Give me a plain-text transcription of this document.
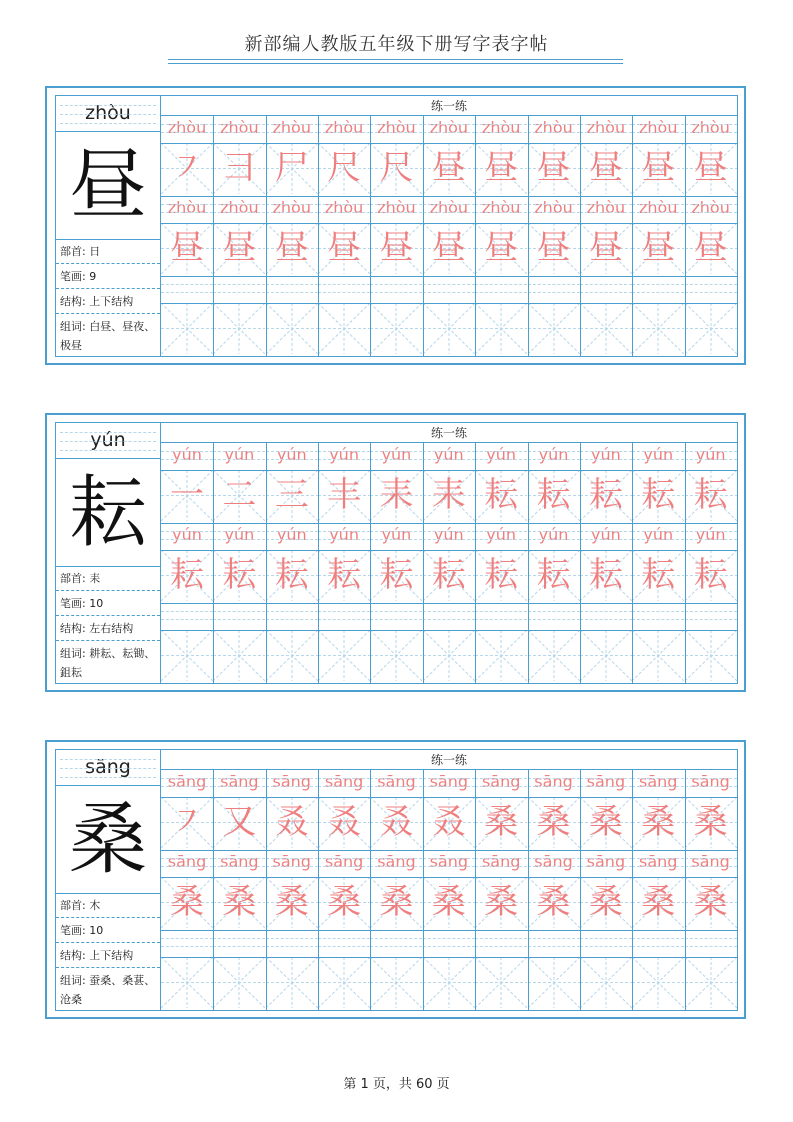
新部编人教版五年级下册写字表字帖
zhòu
昼
部首: 日
笔画: 9
结构: 上下结构
组词: 白昼、昼夜、极昼
练一练
zhòu
㇇
zhòu
昼
zhòu
⺕
zhòu
昼
zhòu
尸
zhòu
昼
zhòu
尺
zhòu
昼
zhòu
尺
zhòu
昼
zhòu
昼
zhòu
昼
zhòu
昼
zhòu
昼
zhòu
昼
zhòu
昼
zhòu
昼
zhòu
昼
zhòu
昼
zhòu
昼
zhòu
昼
zhòu
昼
yún
耘
部首: 耒
笔画: 10
结构: 左右结构
组词: 耕耘、耘锄、鉏耘
练一练
yún
一
yún
耘
yún
二
yún
耘
yún
三
yún
耘
yún
丰
yún
耘
yún
耒
yún
耘
yún
耒
yún
耘
yún
耘
yún
耘
yún
耘
yún
耘
yún
耘
yún
耘
yún
耘
yún
耘
yún
耘
yún
耘
sāng
桑
部首: 木
笔画: 10
结构: 上下结构
组词: 蚕桑、桑葚、沧桑
练一练
sāng
㇇
sāng
桑
sāng
又
sāng
桑
sāng
叒
sāng
桑
sāng
叒
sāng
桑
sāng
叒
sāng
桑
sāng
叒
sāng
桑
sāng
桑
sāng
桑
sāng
桑
sāng
桑
sāng
桑
sāng
桑
sāng
桑
sāng
桑
sāng
桑
sāng
桑
第 1 页，共 60 页
